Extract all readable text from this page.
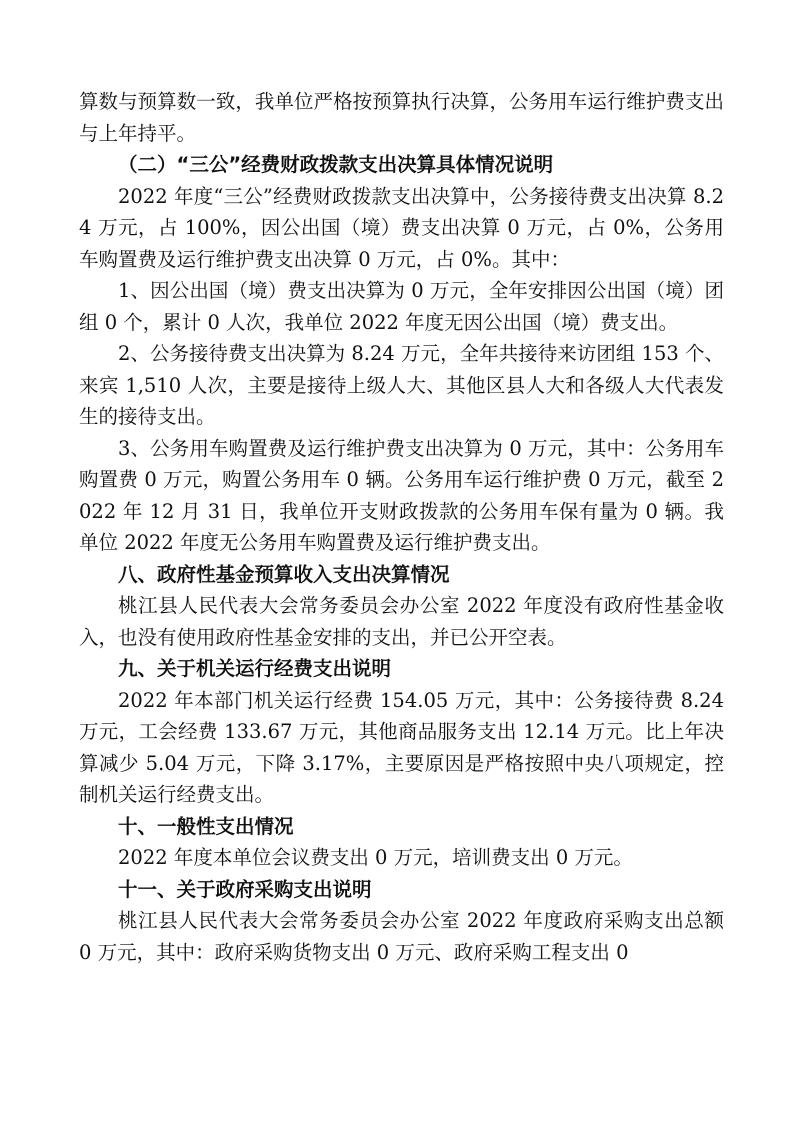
算数与预算数一致，我单位严格按预算执行决算，公务用车运行维护费支出与上年持平。

（二）“三公”经费财政拨款支出决算具体情况说明

2022 年度“三公”经费财政拨款支出决算中，公务接待费支出决算 8.24 万元，占 100%，因公出国（境）费支出决算 0 万元，占 0%，公务用车购置费及运行维护费支出决算 0 万元，占 0%。其中：

1、因公出国（境）费支出决算为 0 万元，全年安排因公出国（境）团组 0 个，累计 0 人次，我单位 2022 年度无因公出国（境）费支出。

2、公务接待费支出决算为 8.24 万元，全年共接待来访团组 153 个、来宾 1,510 人次，主要是接待上级人大、其他区县人大和各级人大代表发生的接待支出。

3、公务用车购置费及运行维护费支出决算为 0 万元，其中：公务用车购置费 0 万元，购置公务用车 0 辆。公务用车运行维护费 0 万元，截至 2022 年 12 月 31 日，我单位开支财政拨款的公务用车保有量为 0 辆。我单位 2022 年度无公务用车购置费及运行维护费支出。

八、政府性基金预算收入支出决算情况

桃江县人民代表大会常务委员会办公室 2022 年度没有政府性基金收入，也没有使用政府性基金安排的支出，并已公开空表。

九、关于机关运行经费支出说明

2022 年本部门机关运行经费 154.05 万元，其中：公务接待费 8.24 万元，工会经费 133.67 万元，其他商品服务支出 12.14 万元。比上年决算减少 5.04 万元，下降 3.17%，主要原因是严格按照中央八项规定，控制机关运行经费支出。

十、一般性支出情况

2022 年度本单位会议费支出 0 万元，培训费支出 0 万元。

十一、关于政府采购支出说明

桃江县人民代表大会常务委员会办公室 2022 年度政府采购支出总额 0 万元，其中：政府采购货物支出 0 万元、政府采购工程支出 0
